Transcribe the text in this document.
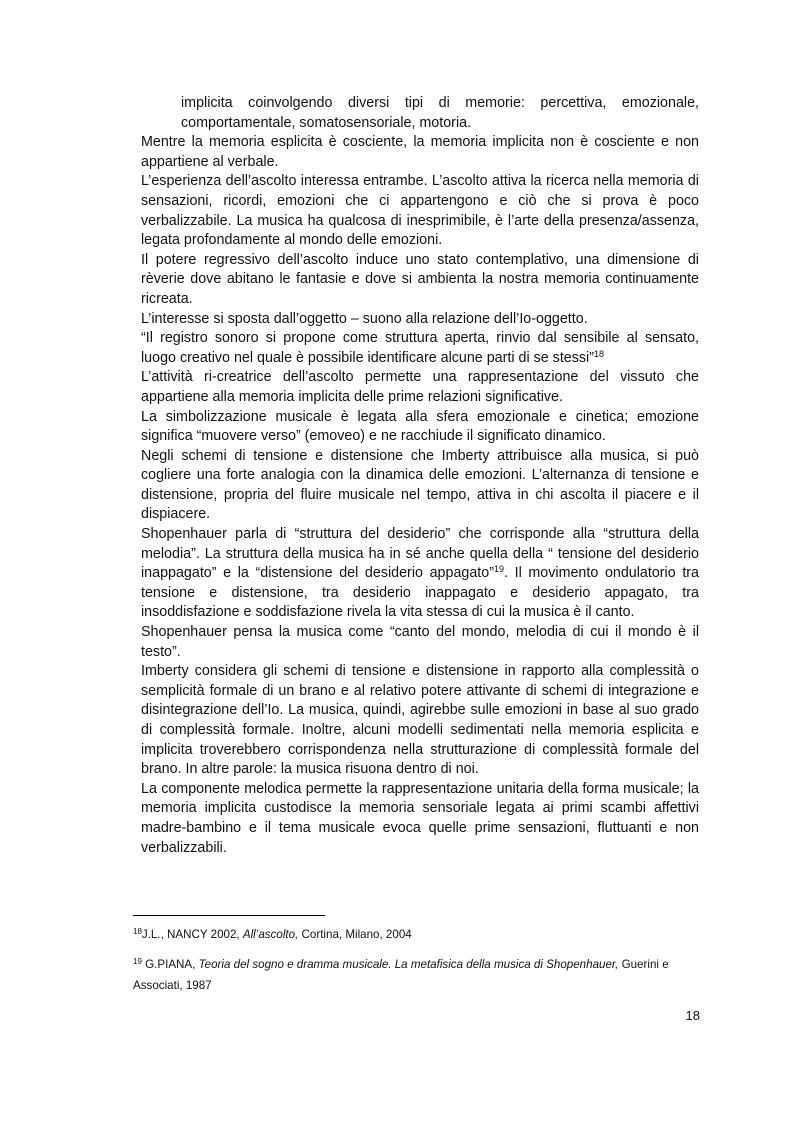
implicita coinvolgendo diversi tipi di memorie: percettiva, emozionale, comportamentale, somatosensoriale, motoria.

Mentre la memoria esplicita è cosciente, la memoria implicita non è cosciente e non appartiene al verbale.

L’esperienza dell’ascolto interessa entrambe. L’ascolto attiva la ricerca nella memoria di sensazioni, ricordi, emozioni che ci appartengono e ciò che si prova è poco verbalizzabile. La musica ha qualcosa di inesprimibile, è l’arte della presenza/assenza, legata profondamente al mondo delle emozioni.

Il potere regressivo dell’ascolto induce uno stato contemplativo, una dimensione di rèverie dove abitano le fantasie e dove si ambienta la nostra memoria continuamente ricreata.

L’interesse si sposta dall’oggetto – suono alla relazione dell’Io-oggetto.

“Il registro sonoro si propone come struttura aperta, rinvio dal sensibile al sensato, luogo creativo nel quale è possibile identificare alcune parti di se stessi”$^{18}$

L’attività ri-creatrice dell’ascolto permette una rappresentazione del vissuto che appartiene alla memoria implicita delle prime relazioni significative.

La simbolizzazione musicale è legata alla sfera emozionale e cinetica; emozione significa “muovere verso” (emoveo) e ne racchiude il significato dinamico.

Negli schemi di tensione e distensione che Imberty attribuisce alla musica, si può cogliere una forte analogia con la dinamica delle emozioni. L’alternanza di tensione e distensione, propria del fluire musicale nel tempo, attiva in chi ascolta il piacere e il dispiacere.

Shopenhauer parla di “struttura del desiderio” che corrisponde alla “struttura della melodia”. La struttura della musica ha in sé anche quella della “ tensione del desiderio inappagato” e la “distensione del desiderio appagato”$^{19}$. Il movimento ondulatorio tra tensione e distensione, tra desiderio inappagato e desiderio appagato, tra insoddisfazione e soddisfazione rivela la vita stessa di cui la musica è il canto.

Shopenhauer pensa la musica come “canto del mondo, melodia di cui il mondo è il testo”.

Imberty considera gli schemi di tensione e distensione in rapporto alla complessità o semplicità formale di un brano e al relativo potere attivante di schemi di integrazione e disintegrazione dell’Io. La musica, quindi, agirebbe sulle emozioni in base al suo grado di complessità formale. Inoltre, alcuni modelli sedimentati nella memoria esplicita e implicita troverebbero corrispondenza nella strutturazione di complessità formale del brano. In altre parole: la musica risuona dentro di noi.

La componente melodica permette la rappresentazione unitaria della forma musicale; la memoria implicita custodisce la memoria sensoriale legata ai primi scambi affettivi madre-bambino e il tema musicale evoca quelle prime sensazioni, fluttuanti e non verbalizzabili.

$^{18}$J.L., NANCY 2002, All’ascolto, Cortina, Milano, 2004

$^{19}$ G.PIANA, Teoria del sogno e dramma musicale. La metafisica della musica di Shopenhauer, Guerini e Associati, 1987

18
